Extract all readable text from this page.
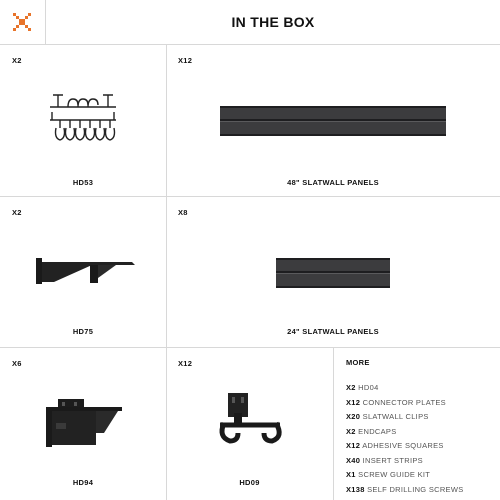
IN THE BOX
X2
HD53
X12
48" SLATWALL PANELS
X2
HD75
X8
24" SLATWALL PANELS
X6
HD94
X12
HD09
MORE
X2 HD04
X12 CONNECTOR PLATES
X20 SLATWALL CLIPS
X2 ENDCAPS
X12 ADHESIVE SQUARES
X40 INSERT STRIPS
X1 SCREW GUIDE KIT
X138 SELF DRILLING SCREWS
